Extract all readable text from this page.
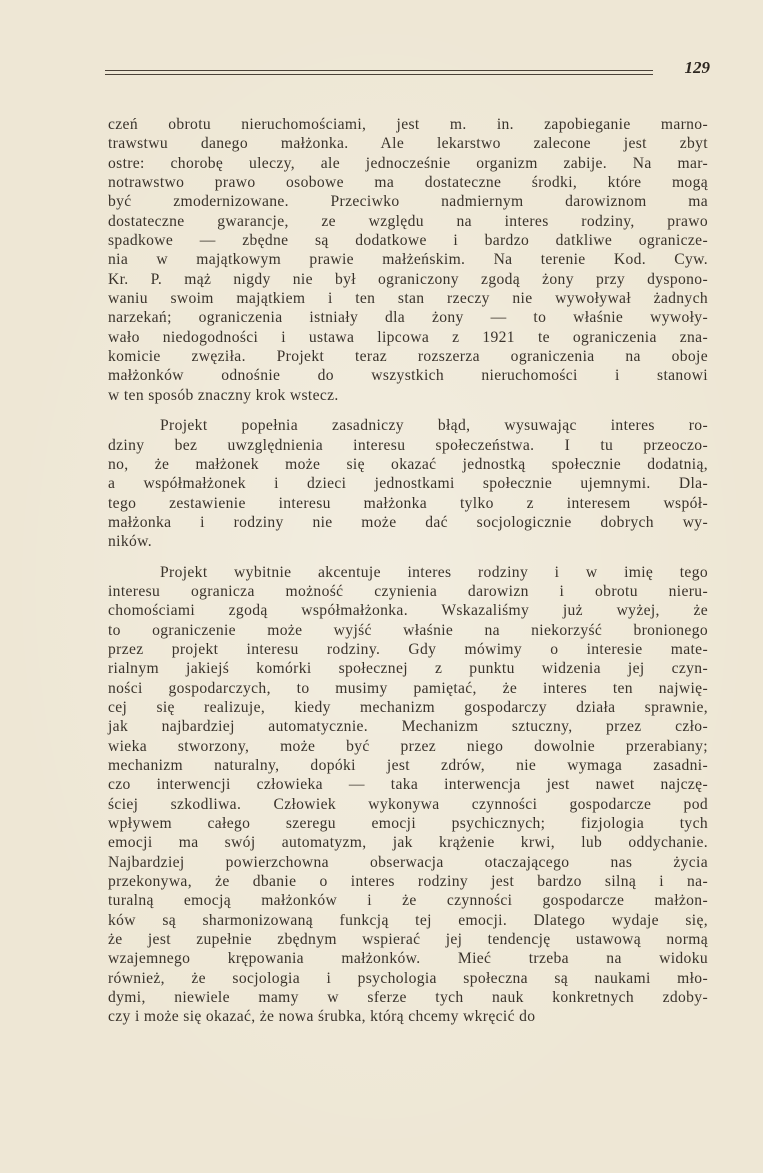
129
czeń obrotu nieruchomościami, jest m. in. zapobieganie marno-
trawstwu danego małżonka. Ale lekarstwo zalecone jest zbyt
ostre: chorobę uleczy, ale jednocześnie organizm zabije. Na mar-
notrawstwo prawo osobowe ma dostateczne środki, które mogą
być zmodernizowane. Przeciwko nadmiernym darowiznom ma
dostateczne gwarancje, ze względu na interes rodziny, prawo
spadkowe — zbędne są dodatkowe i bardzo datkliwe ogranicze-
nia w majątkowym prawie małżeńskim. Na terenie Kod. Cyw.
Kr. P. mąż nigdy nie był ograniczony zgodą żony przy dyspono-
waniu swoim majątkiem i ten stan rzeczy nie wywoływał żadnych
narzekań; ograniczenia istniały dla żony — to właśnie wywoły-
wało niedogodności i ustawa lipcowa z 1921 te ograniczenia zna-
komicie zwęziła. Projekt teraz rozszerza ograniczenia na oboje
małżonków odnośnie do wszystkich nieruchomości i stanowi
w ten sposób znaczny krok wstecz.
Projekt popełnia zasadniczy błąd, wysuwając interes ro-
dziny bez uwzględnienia interesu społeczeństwa. I tu przeoczo-
no, że małżonek może się okazać jednostką społecznie dodatnią,
a współmałżonek i dzieci jednostkami społecznie ujemnymi. Dla-
tego zestawienie interesu małżonka tylko z interesem współ-
małżonka i rodziny nie może dać socjologicznie dobrych wy-
ników.
Projekt wybitnie akcentuje interes rodziny i w imię tego
interesu ogranicza możność czynienia darowizn i obrotu nieru-
chomościami zgodą współmałżonka. Wskazaliśmy już wyżej, że
to ograniczenie może wyjść właśnie na niekorzyść bronionego
przez projekt interesu rodziny. Gdy mówimy o interesie mate-
rialnym jakiejś komórki społecznej z punktu widzenia jej czyn-
ności gospodarczych, to musimy pamiętać, że interes ten najwię-
cej się realizuje, kiedy mechanizm gospodarczy działa sprawnie,
jak najbardziej automatycznie. Mechanizm sztuczny, przez czło-
wieka stworzony, może być przez niego dowolnie przerabiany;
mechanizm naturalny, dopóki jest zdrów, nie wymaga zasadni-
czo interwencji człowieka — taka interwencja jest nawet najczę-
ściej szkodliwa. Człowiek wykonywa czynności gospodarcze pod
wpływem całego szeregu emocji psychicznych; fizjologia tych
emocji ma swój automatyzm, jak krążenie krwi, lub oddychanie.
Najbardziej powierzchowna obserwacja otaczającego nas życia
przekonywa, że dbanie o interes rodziny jest bardzo silną i na-
turalną emocją małżonków i że czynności gospodarcze małżon-
ków są sharmonizowaną funkcją tej emocji. Dlatego wydaje się,
że jest zupełnie zbędnym wspierać jej tendencję ustawową normą
wzajemnego krępowania małżonków. Mieć trzeba na widoku
również, że socjologia i psychologia społeczna są naukami mło-
dymi, niewiele mamy w sferze tych nauk konkretnych zdoby-
czy i może się okazać, że nowa śrubka, którą chcemy wkręcić do
